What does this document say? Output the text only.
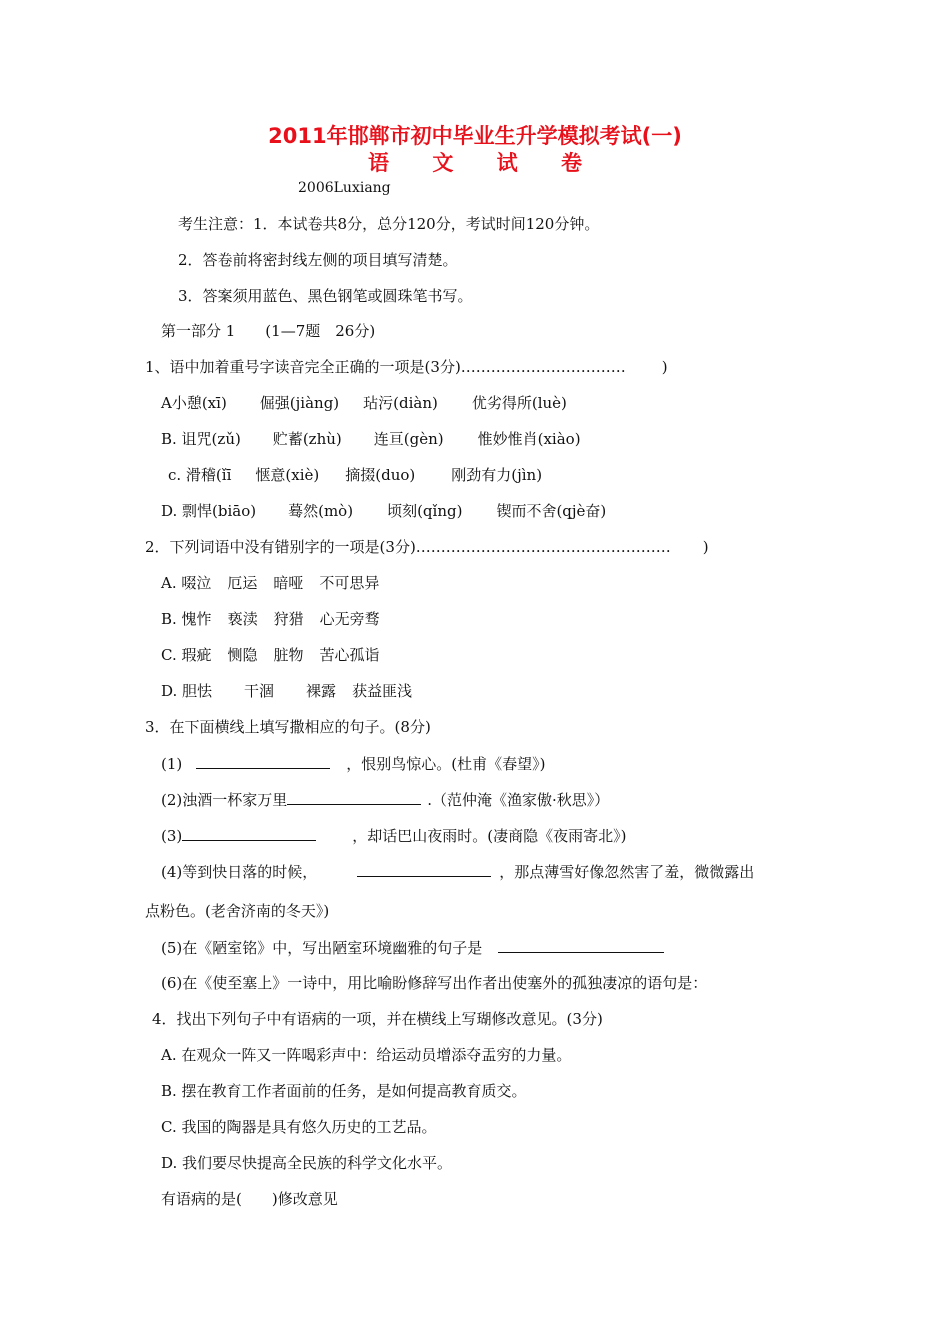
2011年邯郸市初中毕业生升学模拟考试(一)
语 文 试 卷
2006Luxiang
考生注意：1．本试卷共8分，总分120分，考试时间120分钟。
2．答卷前将密封线左侧的项目填写清楚。
3．答案须用蓝色、黑色钢笔或圆珠笔书写。
第一部分 1　　(1—7题　26分)
1、语中加着重号字读音完全正确的一项是(3分)…………………………… )
A小憩(xī) 倔强(jiàng) 玷污(diàn) 优劣得所(luè)
B. 诅咒(zǔ) 贮蓄(zhù) 连亘(gèn) 惟妙惟肖(xiào)
c. 滑稽(ǐī 惬意(xiè) 摘掇(duo) 刚劲有力(jìn)
D. 剽悍(biāo) 蓦然(mò) 顷刻(qǐng) 锲而不舍(qjè奋)
2．下列词语中没有错别字的一项是(3分)…………………………………………… )
A. 啜泣 厄运 暗哑 不可思异
B. 愧怍 亵渎 狩猎 心无旁骛
C. 瑕疵 恻隐 脏物 苦心孤诣
D. 胆怯 干涸 裸露 获益匪浅
3．在下面横线上填写撒相应的句子。(8分)
(1)	，恨别鸟惊心。(杜甫《春望》)
(2)浊酒一杯家万里	.（范仲淹《渔家傲·秋思》）
(3)	，却话巴山夜雨时。(凄商隐《夜雨寄北》)
(4)等到快日落的时候，	，那点薄雪好像忽然害了羞，微微露出
点粉色。(老舍济南的冬天》)
(5)在《陋室铭》中，写出陋室环境幽雅的句子是
(6)在《使至塞上》一诗中，用比喻盼修辞写出作者出使塞外的孤独凄凉的语句是：
4．找出下列句子中有语病的一项，并在横线上写瑚修改意见。(3分)
A. 在观众一阵又一阵喝彩声中：给运动员增添夺盂穷的力量。
B. 摆在教育工作者面前的任务，是如何提高教育质交。
C. 我国的陶器是具有悠久历史的工艺品。
D. 我们要尽快提高全民族的科学文化水平。
有语病的是(　　)修改意见
